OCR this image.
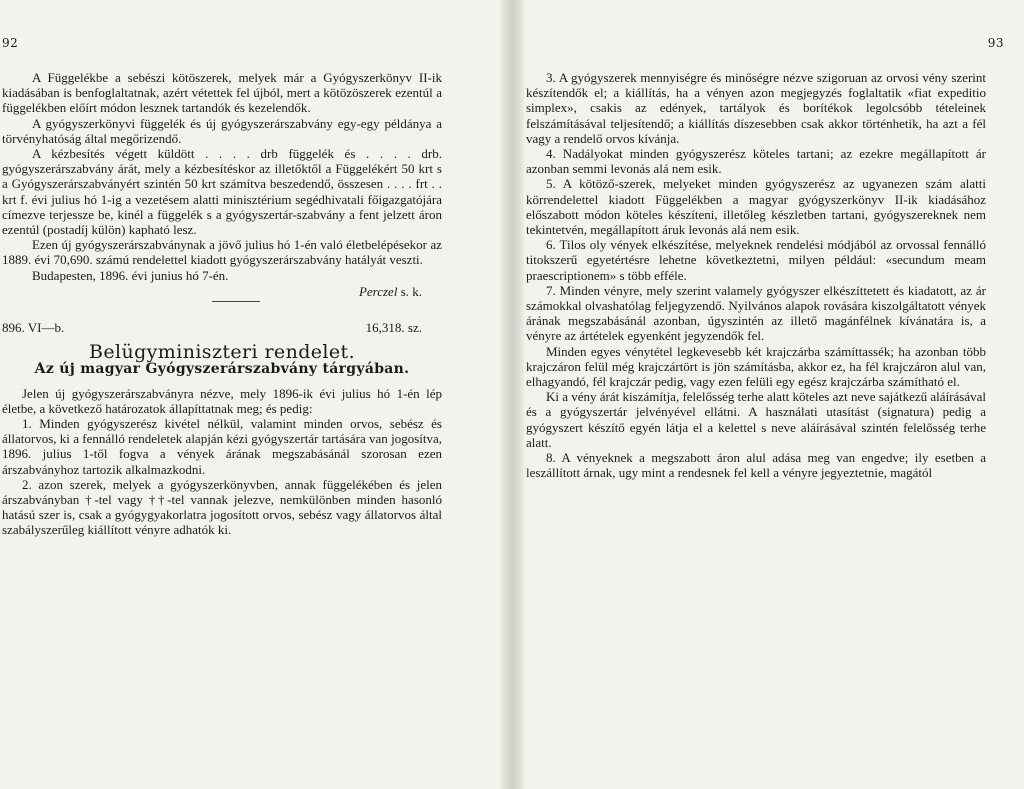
92

A Függelékbe a sebészi kötöszerek, melyek már a Gyógyszerkönyv II-ik kiadásában is benfoglaltatnak, azért vétettek fel újból, mert a kötözöszerek ezentúl a függelékben előírt módon lesznek tartandók és kezelendők.

A gyógyszerkönyvi függelék és új gyógyszerárszabvány egy-egy példánya a törvényhatóság által megőrizendő.

A kézbesítés végett küldött . . . . drb függelék és . . . . drb. gyógyszerárszabvány árát, mely a kézbesítéskor az illetőktől a Függelékért 50 krt s a Gyógyszerárszabványért szintén 50 krt számítva beszedendő, összesen . . . . frt . . krt f. évi julius hó 1-ig a vezetésem alatti minisztérium segédhivatali főigazgatójára címezve terjessze be, kinél a függelék s a gyógyszertár-szabvány a fent jelzett áron ezentúl (postadíj külön) kapható lesz.

Ezen új gyógyszerárszabványnak a jövő julius hó 1-én való életbelépésekor az 1889. évi 70,690. számú rendelettel kiadott gyógyszerárszabvány hatályát veszti.

Budapesten, 1896. évi junius hó 7-én.

Perczel s. k.

896. VI—b.	16,318. sz.
Belügyminiszteri rendelet.
Az új magyar Gyógyszerárszabvány tárgyában.

Jelen új gyógyszerárszabványra nézve, mely 1896-ik évi julius hó 1-én lép életbe, a következő határozatok állapíttatnak meg; és pedig:

1. Minden gyógyszerész kivétel nélkül, valamint minden orvos, sebész és állatorvos, ki a fennálló rendeletek alapján kézi gyógyszertár tartására van jogosítva, 1896. julius 1-től fogva a vények árának megszabásánál szorosan ezen árszabványhoz tartozik alkalmazkodni.

2. azon szerek, melyek a gyógyszerkönyvben, annak függelékében és jelen árszabványban †-tel vagy ††-tel vannak jelezve, nemkülönben minden hasonló hatású szer is, csak a gyógygyakorlatra jogosított orvos, sebész vagy állatorvos által szabályszerűleg kiállított vényre adhatók ki.

93

3. A gyógyszerek mennyiségre és minőségre nézve szigoruan az orvosi vény szerint készítendők el; a kiállítás, ha a vényen azon megjegyzés foglaltatik «fiat expeditio simplex», csakis az edények, tartályok és borítékok legolcsóbb tételeinek felszámításával teljesítendő; a kiállítás díszesebben csak akkor történhetik, ha azt a fél vagy a rendelő orvos kívánja.

4. Nadályokat minden gyógyszerész köteles tartani; az ezekre megállapított ár azonban semmi levonás alá nem esik.

5. A kötöző-szerek, melyeket minden gyógyszerész az ugyanezen szám alatti körrendelettel kiadott Függelékben a magyar gyógyszerkönyv II-ik kiadásához előszabott módon köteles készíteni, illetőleg készletben tartani, gyógyszereknek nem tekintetvén, megállapított áruk levonás alá nem esik.

6. Tilos oly vények elkészítése, melyeknek rendelési módjából az orvossal fennálló titokszerű egyetértésre lehetne következtetni, milyen például: «secundum meam praescriptionem» s több efféle.

7. Minden vényre, mely szerint valamely gyógyszer elkészíttetett és kiadatott, az ár számokkal olvashatólag feljegyzendő. Nyilvános alapok rovására kiszolgáltatott vények árának megszabásánál azonban, úgyszintén az illető magánfélnek kívánatára is, a vényre az ártételek egyenként jegyzendők fel.

Minden egyes vénytétel legkevesebb két krajczárba számíttassék; ha azonban több krajczáron felül még krajczártört is jön számításba, akkor ez, ha fél krajczáron alul van, elhagyandó, fél krajczár pedig, vagy ezen felüli egy egész krajczárba számítható el.

Ki a vény árát kiszámítja, felelősség terhe alatt köteles azt neve sajátkezű aláírásával és a gyógyszertár jelvényével ellátni. A használati utasítást (signatura) pedig a gyógyszert készítő egyén látja el a kelettel s neve aláírásával szintén felelősség terhe alatt.

8. A vényeknek a megszabott áron alul adása meg van engedve; ily esetben a leszállított árnak, ugy mint a rendesnek fel kell a vényre jegyeztetnie, magától
